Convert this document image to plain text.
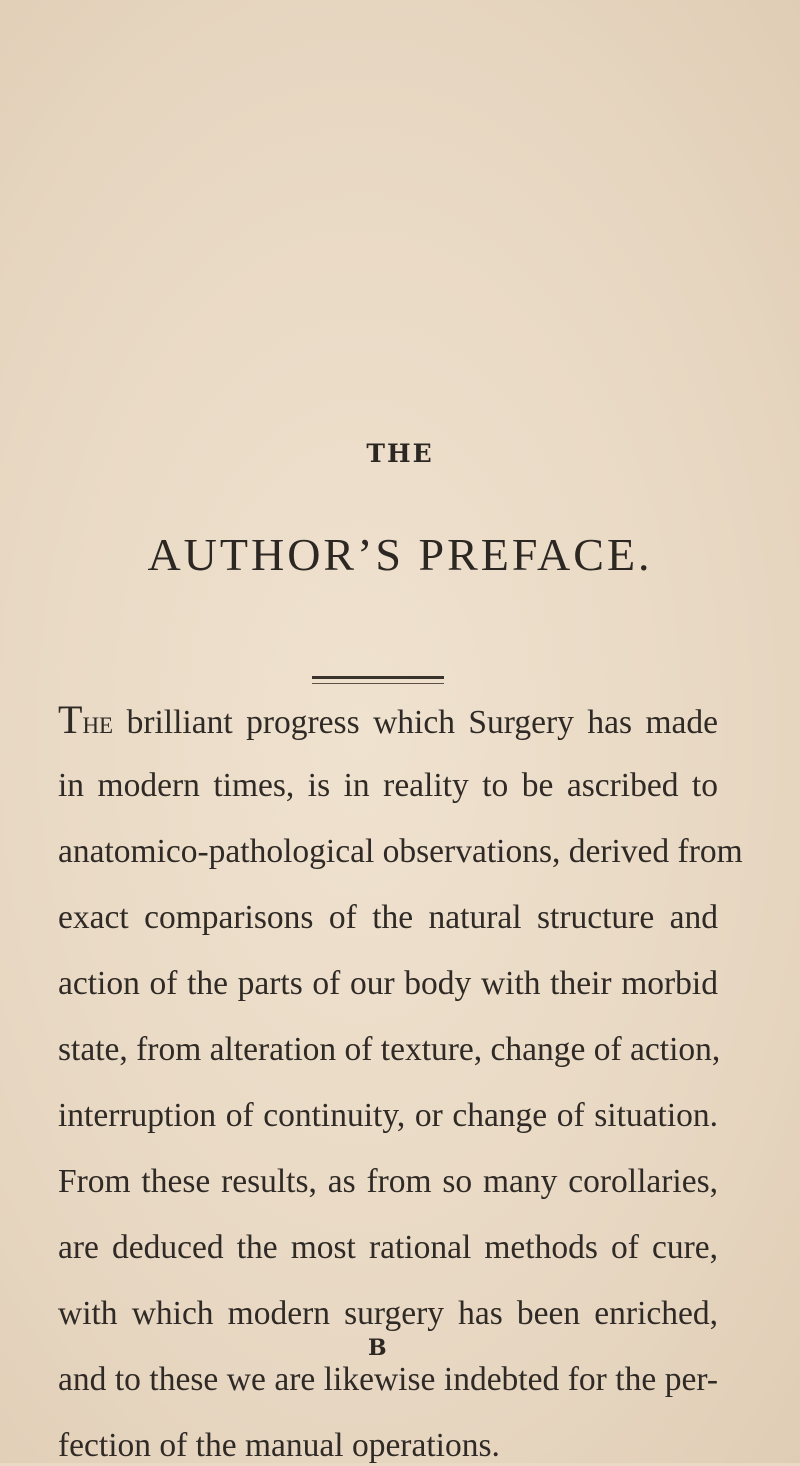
THE
AUTHOR’S PREFACE.
The brilliant progress which Surgery has made
in modern times, is in reality to be ascribed to
anatomico-pathological observations, derived from
exact comparisons of the natural structure and
action of the parts of our body with their morbid
state, from alteration of texture, change of action,
interruption of continuity, or change of situation.
From these results, as from so many corollaries,
are deduced the most rational methods of cure,
with which modern surgery has been enriched,
and to these we are likewise indebted for the per-
fection of the manual operations.
B
